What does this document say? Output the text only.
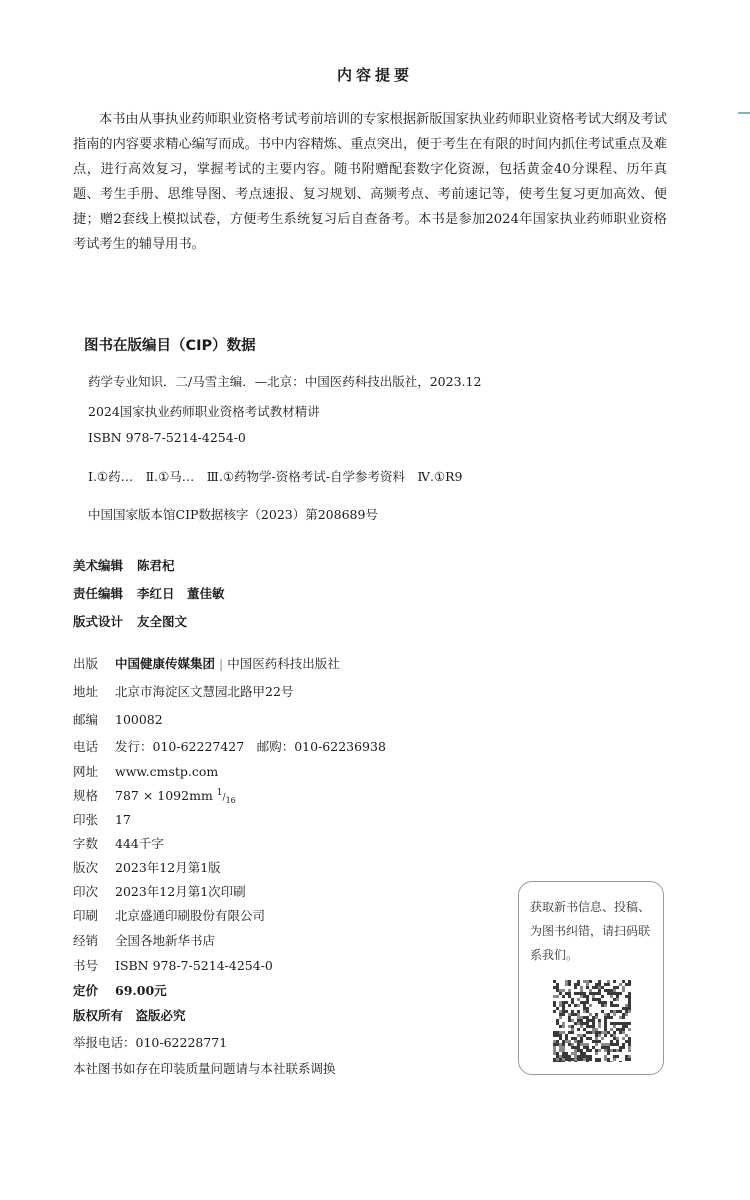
内容提要

本书由从事执业药师职业资格考试考前培训的专家根据新版国家执业药师职业资格考试大纲及考试指南的内容要求精心编写而成。书中内容精炼、重点突出，便于考生在有限的时间内抓住考试重点及难点，进行高效复习，掌握考试的主要内容。随书附赠配套数字化资源，包括黄金40分课程、历年真题、考生手册、思维导图、考点速报、复习规划、高频考点、考前速记等，使考生复习更加高效、便捷；赠2套线上模拟试卷，方便考生系统复习后自查备考。本书是参加2024年国家执业药师职业资格考试考生的辅导用书。

图书在版编目（CIP）数据
药学专业知识．二/马雪主编．—北京：中国医药科技出版社，2023.12
2024国家执业药师职业资格考试教材精讲
ISBN 978-7-5214-4254-0
Ⅰ.①药…　Ⅱ.①马…　Ⅲ.①药物学-资格考试-自学参考资料　Ⅳ.①R9
中国国家版本馆CIP数据核字（2023）第208689号
美术编辑 陈君杞
责任编辑 李红日　董佳敏
版式设计 友全图文
出版 中国健康传媒集团 | 中国医药科技出版社
地址 北京市海淀区文慧园北路甲22号
邮编 100082
电话 发行：010-62227427　邮购：010-62236938
网址 www.cmstp.com
规格 787 × 1092mm $^1/_{16}$
印张 17
字数 444千字
版次 2023年12月第1版
印次 2023年12月第1次印刷
印刷 北京盛通印刷股份有限公司
经销 全国各地新华书店
书号 ISBN 978-7-5214-4254-0
定价 69.00元
版权所有　盗版必究
举报电话：010-62228771
本社图书如存在印装质量问题请与本社联系调换
获取新书信息、投稿、为图书纠错，请扫码联系我们。
